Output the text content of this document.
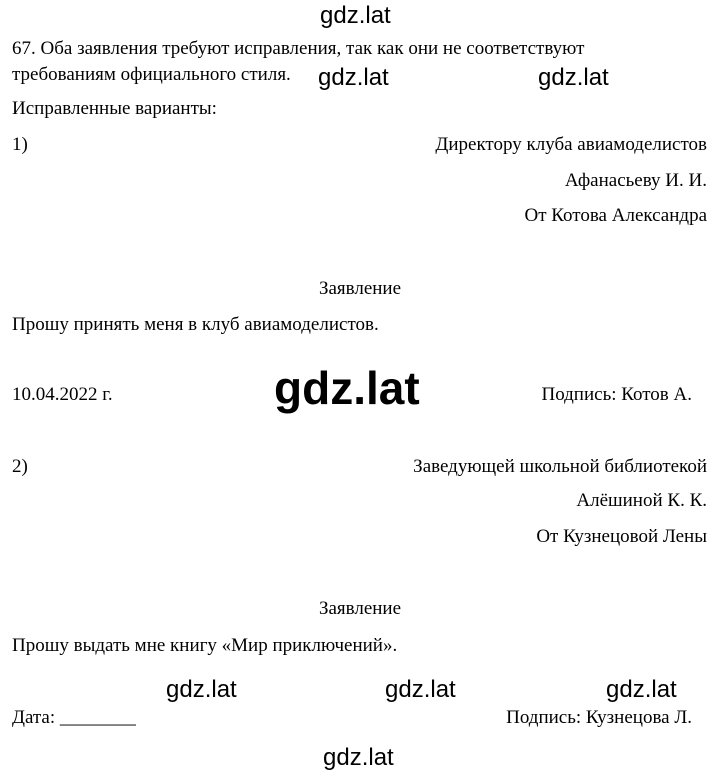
gdz.lat
67. Оба заявления требуют исправления, так как они не соответствуют
требованиям официального стиля. gdz.lat	gdz.lat
Исправленные варианты:
1)	Директору клуба авиамоделистов
Афанасьеву И. И.
От Котова Александра
Заявление
Прошу принять меня в клуб авиамоделистов.
10.04.2022 г.	gdz.lat	Подпись: Котов А.
2)	Заведующей школьной библиотекой
Алёшиной К. К.
От Кузнецовой Лены
Заявление
Прошу выдать мне книгу «Мир приключений».
gdz.lat	gdz.lat	gdz.lat
Дата: ________	Подпись: Кузнецова Л.
gdz.lat
